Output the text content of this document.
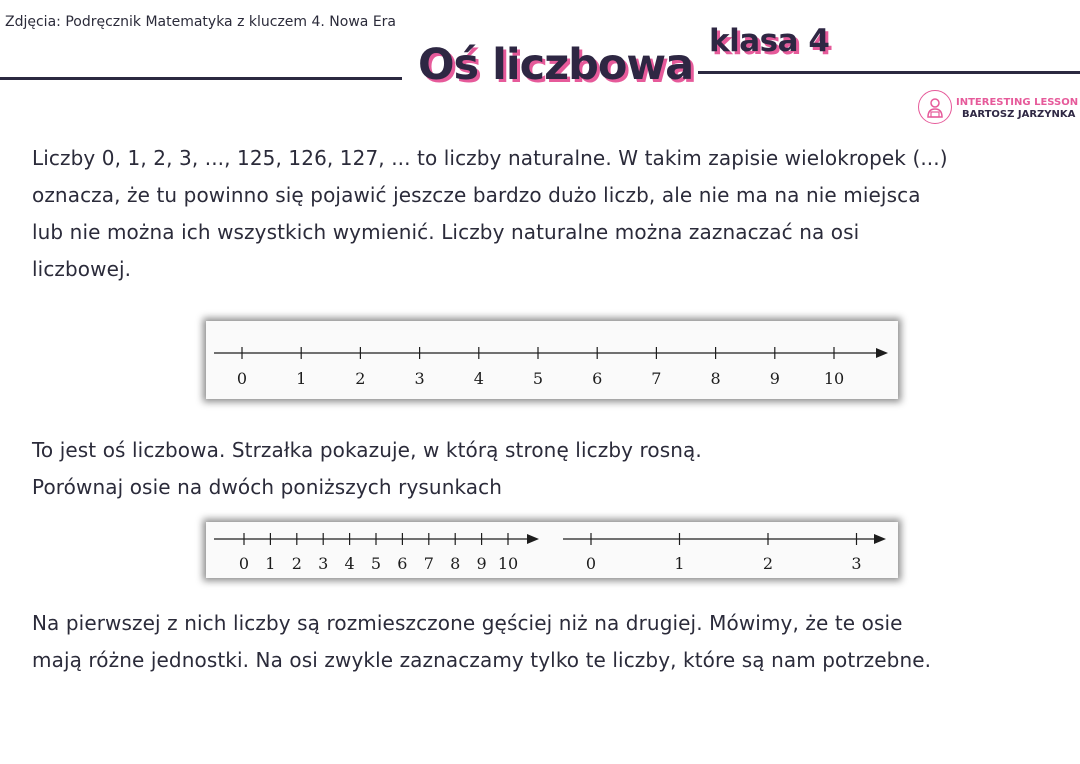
Zdjęcia: Podręcznik Matematyka z kluczem 4. Nowa Era
Oś liczbowa klasa 4
INTERESTING LESSON
BARTOSZ JARZYNKA

Liczby 0, 1, 2, 3, ..., 125, 126, 127, ... to liczby naturalne. W takim zapisie wielokropek (...)

oznacza, że tu powinno się pojawić jeszcze bardzo dużo liczb, ale nie ma na nie miejsca

lub nie można ich wszystkich wymienić. Liczby naturalne można zaznaczać na osi

liczbowej.

0	1	2	3	4	5	6	7	8	9	10

To jest oś liczbowa. Strzałka pokazuje, w którą stronę liczby rosną.

Porównaj osie na dwóch poniższych rysunkach

0 1 2 3 4 5 6 7 8 9 10	0	1	2	3

Na pierwszej z nich liczby są rozmieszczone gęściej niż na drugiej. Mówimy, że te osie

mają różne jednostki. Na osi zwykle zaznaczamy tylko te liczby, które są nam potrzebne.
